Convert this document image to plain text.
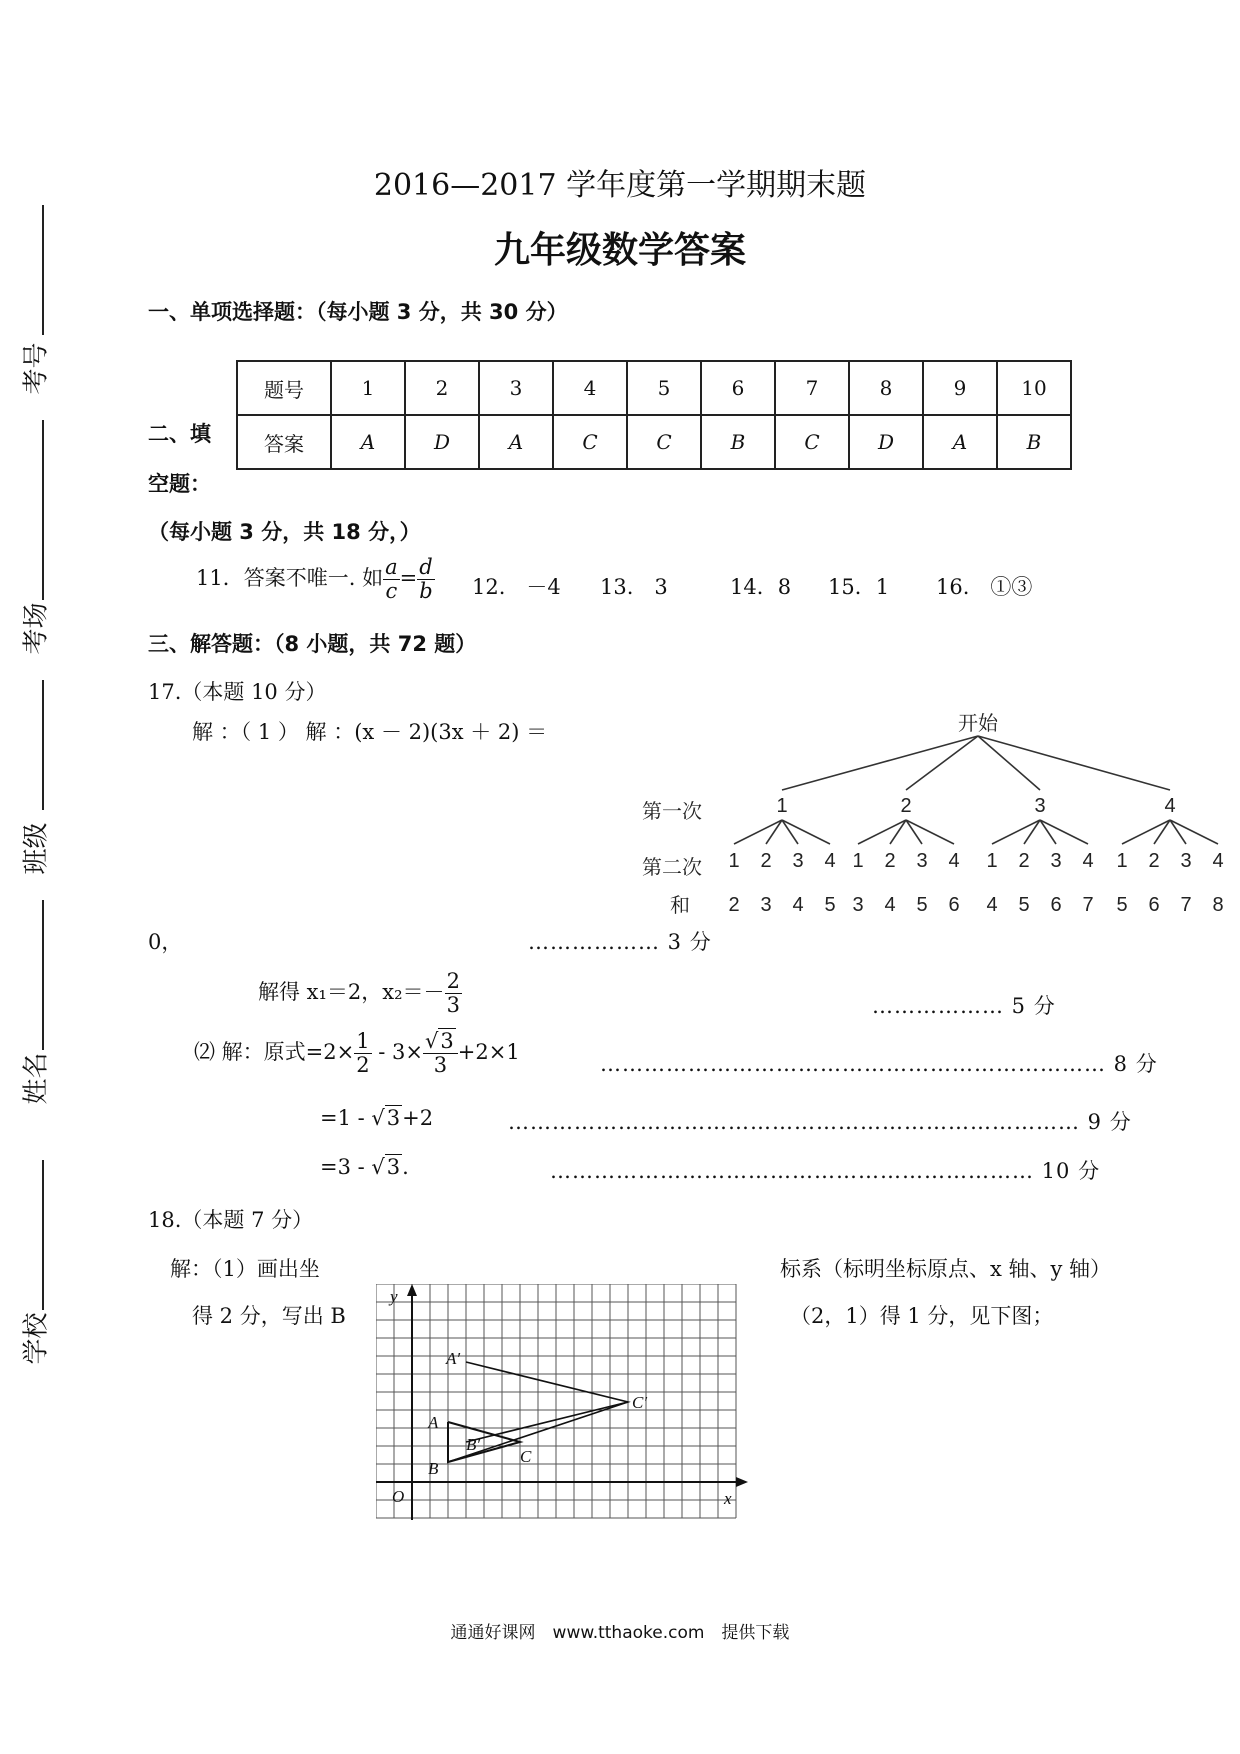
考号
考场
班级
姓名
学校
2016—2017 学年度第一学期期末题
九年级数学答案
一、单项选择题：（每小题 3 分，共 30 分）
题号	1	2	3	4	5	6	7	8	9	10
答案	A	D	A	C	C	B	C	D	A	B
二、填
空题：
（每小题 3 分，共 18 分，）
11．答案不唯一. 如 $\frac{a}{c} = \frac{d}{b} 12$.　－4 13.　3	14．8 15．1 16.　①③
三、解答题：（8 小题，共 72 题）
17.（本题 10 分）
解 ：（ 1 ） 解 ：(x － 2)(3x ＋ 2) ＝	开始
第一次
第二次
和
1
1
2
2
3
3
4
4
5
2
1
3
2
4
3
5
4
6
3
1
4
2
5
3
6
4
7
4
1
5
2
6
3
7
4
8
0，	……………… 3 分
解得 x₁＝2，$x_2=- \frac{2}{3}$	……………… 5 分
⑵ 解：原式$=2\times \frac{1}{2} - 3\times \frac{√3}{3} +2\times 1$	…………………………………………………………… 8 分
=1 - √3+2	…………………………………………………………………… 9 分
=3 - √3.	………………………………………………………… 10 分
18.（本题 7 分）
解：（1）画出坐	标系（标明坐标原点、x 轴、y 轴）
得 2 分，写出 B	（2，1）得 1 分，见下图；
y
x
O
A
B
C
A′
B′
C′
通通好课网　www.tthaoke.com　提供下载
